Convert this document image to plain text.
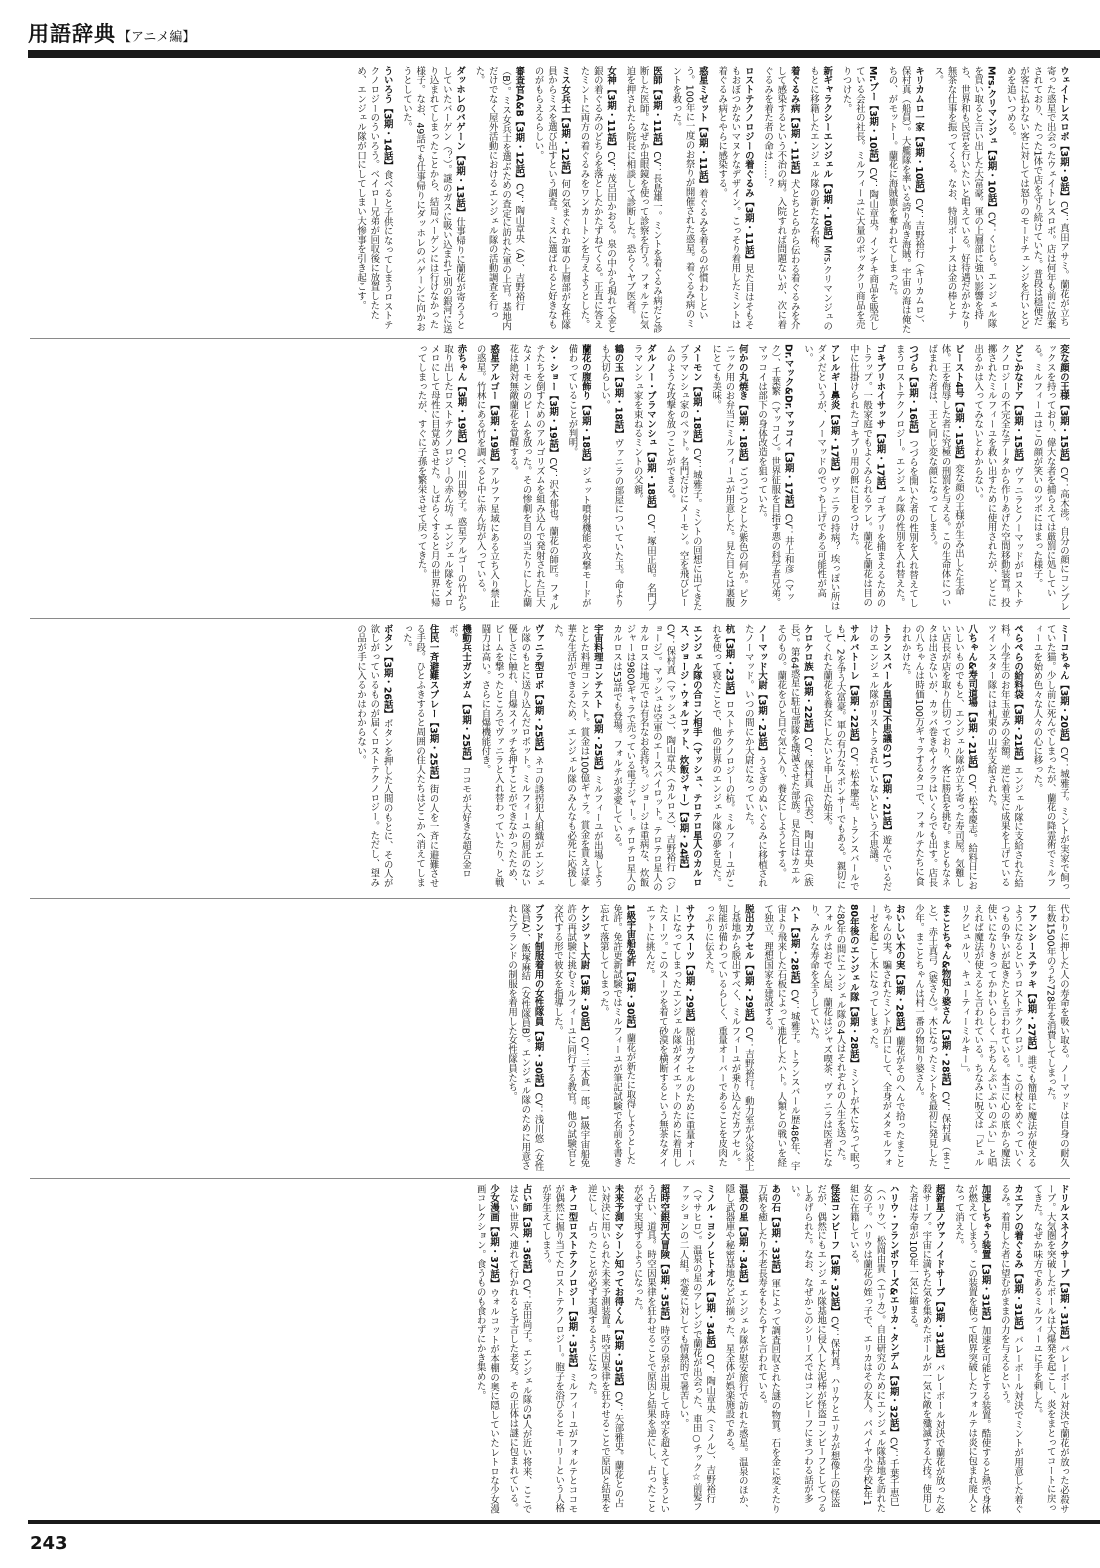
用語辞典 【アニメ編】
ウェイトレスロボ【3期・9話】CV：真田アサミ。蘭花が立ち寄った惑星で出会ったウェイトレスロボ。店は何年も前に放棄されており、たった1体で店を守り続けていた。普段は穏便だが客に払わない客に対しては怒りのモードチェンジを行いとどめを追いつめる。
Mrs.クリマンジュ【3期・10話】CV：くじら。エンジェル隊を買い取ると言い出した大富豪。軍の上層部に強い影響を持ち、世界和も民営を行いたいと唱えている。好待遇だがかなり無茶な仕事を振ってくる。なお、特別ボーナスは金の棒とナス。
キリカムロ一家【3期・10話】CV：吉野裕行（キリカムロ）、保村真（船員）。大艦隊を率いる誇り高き海賊。宇宙の海は俺たちの、がモットー。蘭花に海賊旗を奪われてしまった。
Mr.ブー【3期・10話】CV：陶山章央。インチキ商品を販売している会社の社長。ミルフィーユに大量のボッタクリ商品を売りつけた。
新ギャラクシーエンジェル【3期・10話】Mrs.クリマンジュのもとに移籍したエンジェル隊の新たな名称。
着ぐるみ病【3期・11話】犬とちとらから伝わる着ぐるみを介して感染するという不治の病。入院すれば問題ないが、次に着ぐるみを着た者の命は……？
ロストテクノロジーの着ぐるみ【3期・11話】見た目はそもそもおぼつかないマヌケなデザイン。こっそり着用したミントは着ぐるみ病とやらに感染する。
惑星ミゼット【3期・11話】着ぐるみを着るのが慣わしという。100年に一度のお祭りが開催された惑星。着ぐるみ病のミントを救った。
医師【3期・11話】CV：長島雄一。ミントを着ぐるみ病だと診断した医師。なぜか虫眼鏡を使って診察を行う。フォルテに気迫を押されたら院長に相談して診断した。恐らくヤブ医者。
女神【3期・11話】CV：茂呂田かおる。泉の中から現れて金と銀の着ぐるみのどちらを落としたかたずねてくる。正直に答えたミントに両方の着ぐるみをワンカートンを与えようとした。
ミス女兵士【3期・12話】何の気まぐれか軍の上層部が女性隊員からミスを選び出すという調査。ミスに選ばれると好きなものがもらえるらしい。
審査官A&B【3期・12話】CV：陶山章央（A）、吉野裕行（B）。ミス女兵士を選ぶための査定に訪れた軍の上官。基地内だけでなく屋外活動におけるエンジェル隊の活動調査を行った。
ダッホレのバゲーン【3期・13話】仕事帰りに蘭花が寄ろうとしていたバーゲン（？）。謎のガスに吸い込まれて別の銀河に送り込まれてしまったことから、結局バーゲンには行けなかった様子。なお、49話でも仕事帰りにダッホレのバゲーンに向かおうとしていた。
ういろう【3期・14話】食べると子供になってしまうロストテクノロジーのういろう。ベイロー兄弟が回収後に放置したため、エンジェル隊が口にしてしまい大惨事を引き起こす。
変な顔の王様【3期・15話】CV：高木渉。自分の顔にコンプレックスを持っており、偉大な者を捕らえては厳罰に処している。ミルフィーユはこの顔が笑いのツボにはまった様子。
どこかなドア【3期・15話】ヴァニラとノーマッドがロストテクノロジーの不完全なデータから作りあげた空間移動装置。投擲されたミルフィーユを救い出すために使用されたが、どこに出るかは入ってみないとわからない。
ビースト4号【3期・15話】変な顔の王様が生み出した生命体。王を侮辱した者に究極の刑罰を与える。この生命体についばまれた者は、王と同じ変な顔になってしまう。
つづら【3期・16話】つづらを開いた者の性別を入れ替えてしまうロストテクノロジー。エンジェル隊の性別を入れ替えた。
ゴキブリホイサッサ【3期・17話】ゴキブリを捕まえるためのトラップ。一般家庭でもよくみられるアレ。蘭花と蘭花は目の中に仕掛けられたゴキブリ用の餌に目をつけた。
アレルギー鼻炎【3期・17話】ヴァニラの持病？ 埃っぽい所はダメだというが、ノーマッドのでっち上げである可能性が高い。
Dr.マック&Dr.マッコイ【3期・17話】CV：井上和彦（マック）、千葉繁（マッコイ）。世界征服を目指す悪の科学者兄弟。マッコイは部下の身体改造を狙っていた。
何かの丸焼き【3期・18話】ごつごつとした紫色の何か。ピクニック用のお弁当にミルフィーユが用意した。見た目とは裏腹にとても美味。
メーモン【3期・18話】CV：城雅子。ミントの回想に出てきたブラマンシュ家のペット。名門だけにメーモン。空を飛びビームのような攻撃を放つことができる。
ダルノー・ブラマンシュ【3期・18話】CV：塚田正昭。名門ブラマンシュ家を束ねるミントの父親。
鶴の玉【3期・18話】ヴァニラの部屋についていた玉。命よりも大切らしい。
蘭花の腹飾り【3期・18話】ジェット噴射機能や攻撃モードが備わっていることが判明。
シ・ショー【3期・19話】CV：沢木郁也。蘭花の師匠。フォルテたちを倒すためのアルゴリズムを組み込んで発射された巨大なメーモンのビームを放った。その惨劇を目の当たりにした蘭花は絶対無敵蘭花を覚醒する。
惑星アルゴー【3期・19話】アルファ星域にある立ち入り禁止の惑星。竹林にある竹を調べると中に赤ん坊が入っている。
赤ちゃん【3期・19話】CV：川田妙子。惑星アルゴーの竹から取り出したロストテクノロジーの赤ん坊。エンジェル隊をメロメロにして母性に目覚めさせた。しばらくすると月の世界に帰ってしまったが、すぐに子孫を繁栄させて戻ってきた。
ミーコちゃん【3期・20話】CV：城雅子。ミントが実家で飼っていた猫。少し前に死んでしまったが、蘭花の降霊術でミルフィーユを始め色々な人々の心に移った。
ぺらぺらの給料袋【3期・21話】エンジェル隊に支給された給料。小学生のお年玉並みの金額。逆に着実に成果を上げているツインスター隊には札束の山が支給された。
八ちゃん&寿司道場【3期・21話】CV：松本慶志。給料日においしいものでもと、エンジェル隊が立ち寄った寿司屋。気難しい店長が店を取り仕切っており、客に勝負を挑む。まともなネタは出さないが、カッパ巻きやイクラはいくらでも出す。店長の八ちゃんは時価100万ギャラするタコで、フォルテたちに食われかけた。
トランスバール皇国7不思議の1つ【3期・21話】遊んでいるだけのエンジェル隊がリストラされていないという不思議。
サルバトーレ【3期・22話】CV：松本慶志。トランスバールでも1、2を争う大富豪。軍の有力なスポンサーでもある。親切にしてくれた蘭花を養女にしたいと申し出た始末。
ケロケロ族【3期・22話】CV：保村真（代表）、陶山章央（族長）。第64惑星に駐屯部隊を壊滅させた部族。見た目はカエルそのもの。蘭花をひと目で気に入り、養女にしようとする。
ノーマッド大尉【3期・23話】うさぎのぬいぐるみに移植されたノーマッド。いつの間にか大尉になっていた。
杭【3期・23話】ロストテクノロジーの杭。ミルフィーユがこれを使って寝たことで、他の世界のエンジェル隊の夢を見た。
エンジェル隊の合コン相手（マッシュ、テロテロ星人のカルロス、ジョージ・ウォルコット、炊飯ジャー）【3期・24話】CV：保村真（マッシュ）、陶山章央（カルロス）、吉野裕行（ジョージ）。マッシュは空軍のエースパイロット。テロテロ星人のカルロスは地元では有名なお金持ち。ジョージは重病な、炊飯ジャーは9800ギャラで売っている電子ジャー。テロテロ星人のカルロスは53話でも登場。フォルテが求愛している。
宇宙料理コンテスト【3期・25話】ミルフィーユが出場しようとした料理コンテスト。賞金は100億ギャラ。賞金を貰えば豪華な生活ができるため、エンジェル隊のみんなも必死に応援した。
ヴァニラ型ロボ【3期・25話】ネコの誘拐犯人組織がエンジェル隊のもとに送り込んだロボット。ミルフィーユの屈託のない優しさに触れ、自爆スイッチを押すことができなかったため、ビームを撃ったところでヴァニラと入れ替わっていたり、と戦闘力は高い。さらに自爆機能付き。
機動兵士ガンガム【3期・25話】ココモが大好きな超合金ロボ。
住民一斉避難スプレー【3期・25話】街の人を一斉に避難させる手段。ひとふきすると周囲の住人たちはどこかへ消えてしまった。
ボタン【3期・26話】ボタンを押した人間のもとに、その人が欲しがっているものが届くロストテクノロジー。ただし、望みの品が手に入るかはわからない。
代わりに押した人の寿命を吸い取る。ノーマッドは自身の耐久年数1500年のうち728年を消費してしまった。
ファンシーステッキ【3期・27話】誰でも簡単に魔法が使えるようになるというロストテクノロジー。この杖をめぐっていくつもの争いが起きたとも言われている。本当に心の底から魔法使いになりきってかわいらしく「ちちんぷいぷいのぷい」と唱えれば魔法が使えると言われている。ちなみに呪文は「ピュルリクピュルリ、キューティーミルキー」。
まことちゃん&物知り婆さん【3期・28話】CV：保村真（まこと）、赤土真弓（婆さん）。木になったミントを最初に発見した少年。まことちゃんは村一番の物知り婆さん。
おいしい木の実【3期・28話】蘭花がそのへんで拾ったまことちゃんの実。騙されたミントが口にして、全身がメタモルフォーゼを起こし木になってしまった。
80年後のエンジェル隊【3期・28話】ミントが木になって眠った80年の間にエンジェル隊の4人はそれぞれの人生を送った。フォルテはおでん屋、蘭花はジャズ喫茶、ヴァニラは医者になり、みんな寿命を全うしていた。
ハト【3期・28話】CV：城雅子。トランスバール歴486年、宇宙より飛来した石板によって進化したハト。人類との戦いを経て独立、理想国家を建設する。
脱出カプセル【3期・29話】CV：吉野裕行。動力室が火災炎上し基地から脱出すべく、ミルフィーユが乗り込んだカプセル。知能が備わっているらしく、重量オーバーであることを皮肉たっぷりに伝えた。
サウナスーツ【3期・29話】脱出カプセルのために重量オーバーになってしまったエンジェル隊がダイエットのために着用したスーツ。このスーツを着て砂漠を横断するという無茶なダイエットに挑んだ。
1級宇宙船免許【3期・30話】蘭花が新たに取得しようとした免許。免許更新試験ではミルフィーユが筆記試験で名前を書き忘れて落第してしまった。
ケンジット大尉【3期・30話】CV：三木眞一郎。1級宇宙船免許の再試験に挑むミルフィーユに同行する教官。他の試験官と交代する形で彼女を指導した。
ブランド制服着用の女性隊員【3期・30話】CV：浅川悠（女性隊員A）、飯塚麻結（女性隊員B）。エンジェル隊のために用意されたブランドの制服を着用した女性隊員たち。
ドリルスネイクサーブ【3期・31話】バレーボール対決で蘭花が放った必殺サーブ。大気圏を突破したボールは大爆発を起こし、炎をまとってコートに戻ってきた。なぜか味方であるミルフィーユに手を刺した。
カエアンの着ぐるみ【3期・31話】バレーボール対決でミントが用意した着ぐるみ。着用した者に望むがままの力を与えるという。
加速しちゃう装置【3期・31話】加速を可能とする装置。酷使すると熱で身体が燃えてしまう。この装置を使って限界突破したフォルテは炎に包まれ廃人となって消えた。
超新星ノヴァノイドサーブ【3期・31話】バレーボール対決で蘭花が放った必殺サーブ。宇宙に満ちた気を集めたボールが一気に敵を殲滅する大技。使用した者は寿命が100年一気に縮まる。
ハリウ・フランポワーズ&エリカ・タンデム【3期・32話】CV：千葉千恵巳（ハリウ）、松岡由貴（エリカ）。自由研究のためにエンジェル隊基地を訪れた女の子。ハリウは蘭花の姪っ子で、エリカはその友人。パパイヤ小学校4年1組に在籍している。
怪盗コンビーフ【3期・32話】CV：保村真。ハリウとエリカが想像上の怪盗だが、偶然にもエンジェル隊基地に侵入した泥棒が怪盗コンビーフとしてつるしあげられた。なお、なぜかこのシリーズではコンビーフにまつわる話が多い。
あの石【3期・33話】軍によって調査回収された謎の物質。石を金に変えたり万病を癒したり不老長寿をもたらすと言われている。
温泉の星【3期・34話】エンジェル隊が慰安旅行で訪れた惑星。温泉のほか、隠し武器庫や秘密基地などが揃った、星全体が娯楽施設である。
ミノル・ヨシノヒトオル【3期・34話】CV：陶山章央（ミノル）、吉野裕行（マサヒロ）。温泉の星のアレンジで蘭花が出会った、車田○チック☆前髪ファッションの二人組。恋愛に対しても情熱的で暑苦しい。
超時空銀河大冒険【3期・35話】時空の泉が出現して時空を超えてしまうという占い、道具。時空因果律を狂わせることで原因と結果を逆にし、占ったことが必ず実現するようになった。
未来予測マシーン知ってお得くん【3期・35話】CV：矢部雅史。蘭花との占い対決に用いられた未来予測装置。時空因果律を狂わせることで原因と結果を逆にし、占ったことが必ず実現するようになった。
キノコ型ロストテクノロジー【3期・35話】ミルフィーユがフォルテとココモが偶然に掘り当てたロストテクノロジー。胞子を浴びるとモーリーという人格が芽生えてしまう。
占い師【3期・36話】CV：京田尚子。エンジェル隊の5人が近い将来、ここではない世界へ連れて行かれると予言した老女。その正体は謎に包まれている。
少女漫画【3期・37話】ウォルコットが本棚の奥に隠していたレトロな少女漫画コレクション。食うものも食わずにかき集めた。
243
